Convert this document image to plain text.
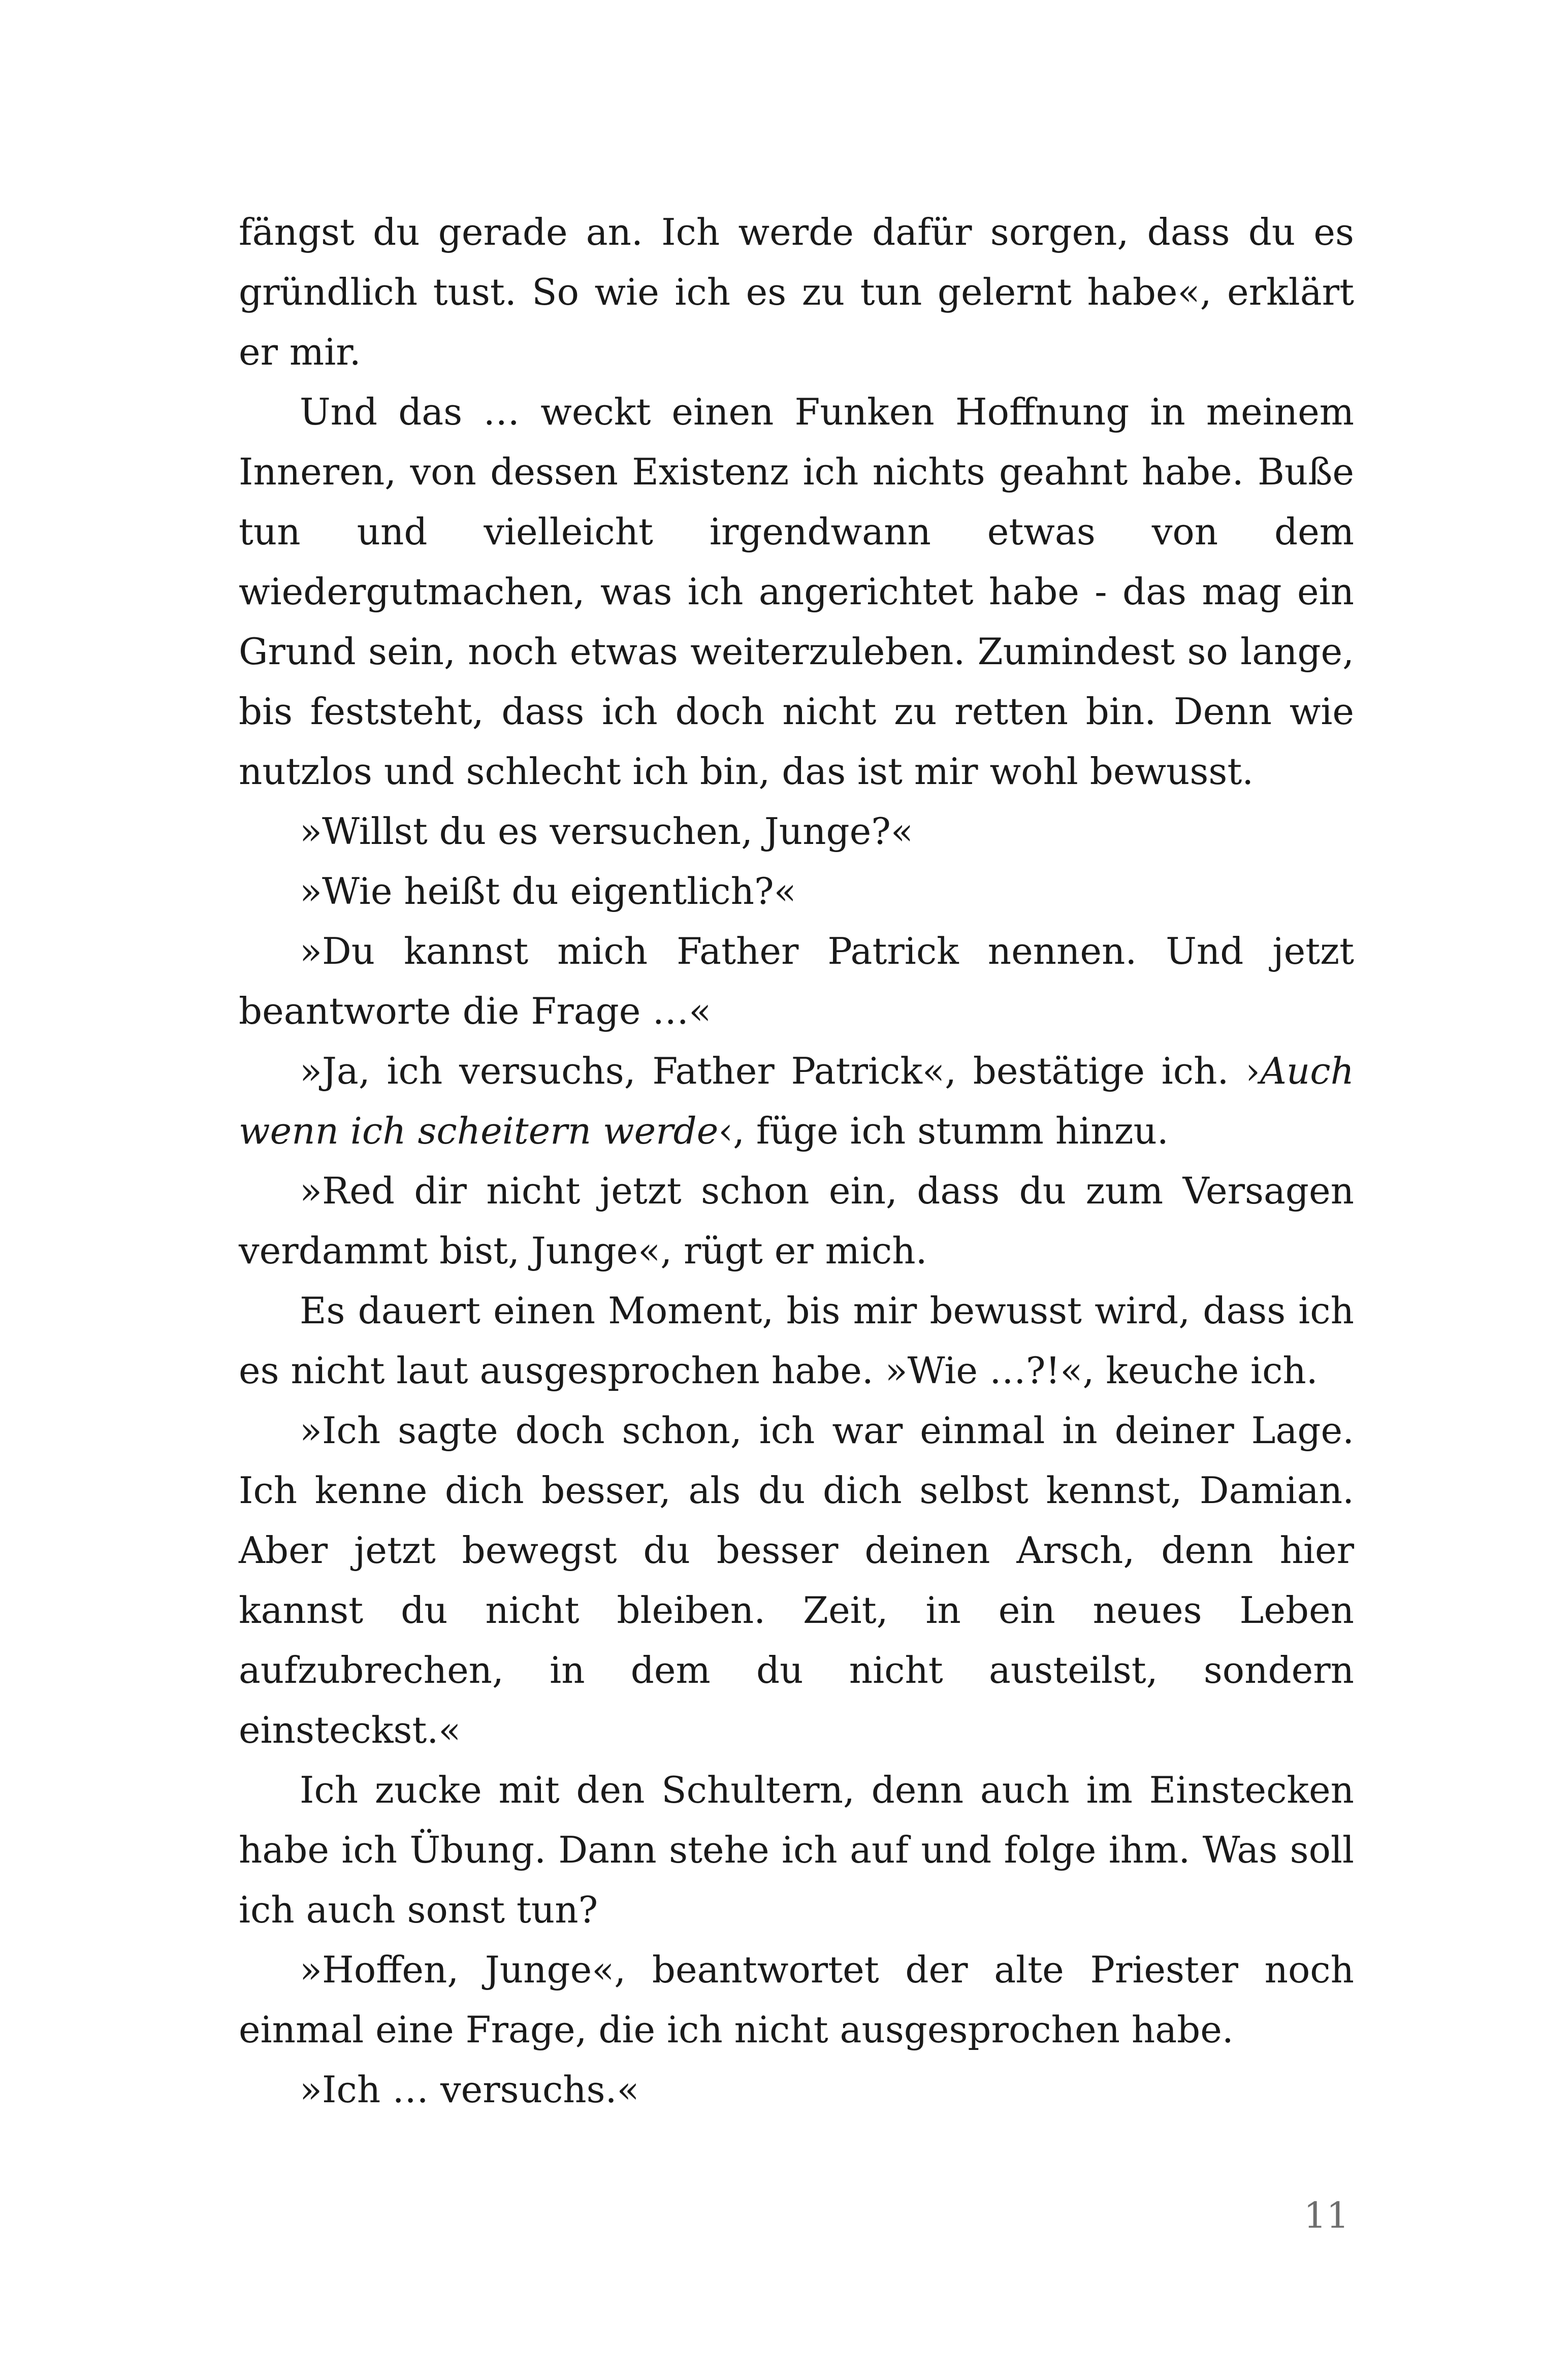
fängst du gerade an. Ich werde dafür sorgen, dass du es gründlich tust. So wie ich es zu tun gelernt habe«, erklärt er mir.

Und das … weckt einen Funken Hoffnung in meinem Inneren, von dessen Existenz ich nichts geahnt habe. Buße tun und vielleicht irgendwann etwas von dem wiedergutmachen, was ich angerichtet habe - das mag ein Grund sein, noch etwas weiterzuleben. Zumindest so lange, bis feststeht, dass ich doch nicht zu retten bin. Denn wie nutzlos und schlecht ich bin, das ist mir wohl bewusst.

»Willst du es versuchen, Junge?«

»Wie heißt du eigentlich?«

»Du kannst mich Father Patrick nennen. Und jetzt beantworte die Frage …«

»Ja, ich versuchs, Father Patrick«, bestätige ich. ›Auch wenn ich scheitern werde‹, füge ich stumm hinzu.

»Red dir nicht jetzt schon ein, dass du zum Versagen verdammt bist, Junge«, rügt er mich.

Es dauert einen Moment, bis mir bewusst wird, dass ich es nicht laut ausgesprochen habe. »Wie …?!«, keuche ich.

»Ich sagte doch schon, ich war einmal in deiner Lage. Ich kenne dich besser, als du dich selbst kennst, Damian. Aber jetzt bewegst du besser deinen Arsch, denn hier kannst du nicht bleiben. Zeit, in ein neues Leben aufzubrechen, in dem du nicht austeilst, sondern einsteckst.«

Ich zucke mit den Schultern, denn auch im Einstecken habe ich Übung. Dann stehe ich auf und folge ihm. Was soll ich auch sonst tun?

»Hoffen, Junge«, beantwortet der alte Priester noch einmal eine Frage, die ich nicht ausgesprochen habe.

»Ich … versuchs.«

11
